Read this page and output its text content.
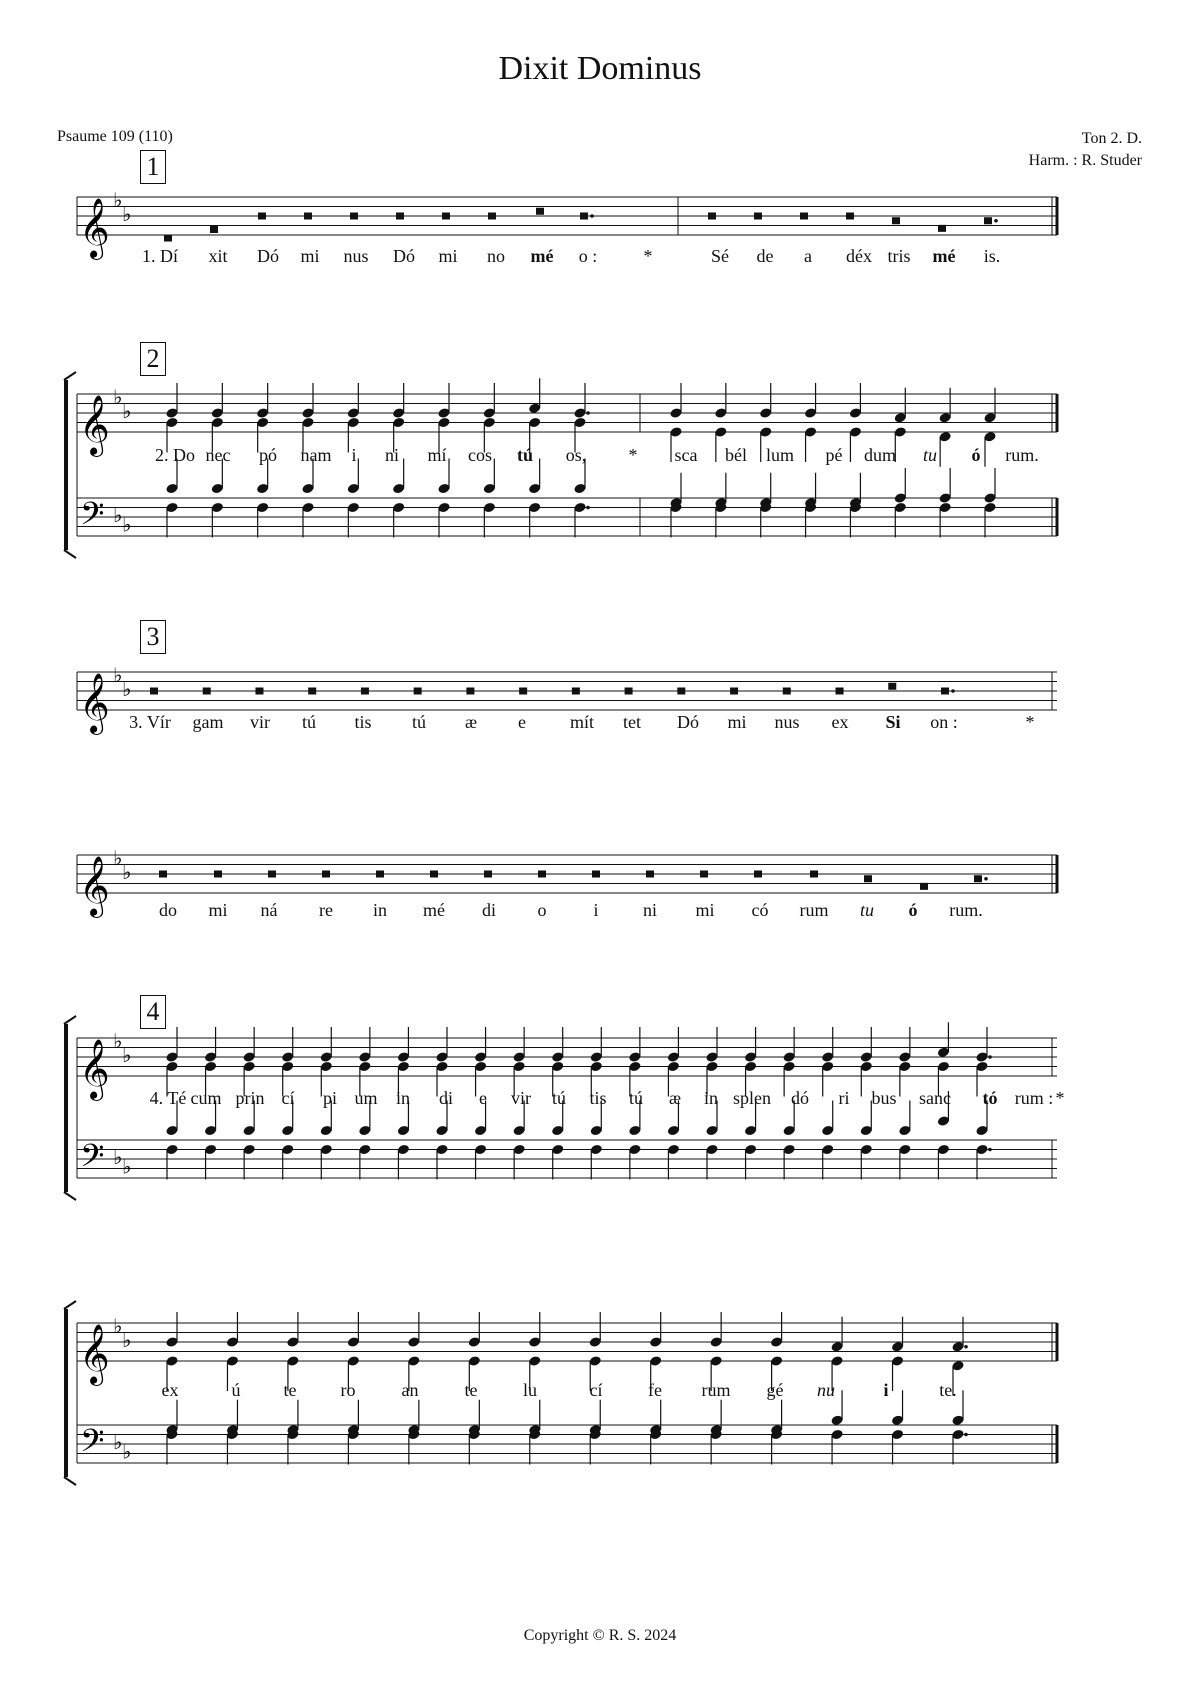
Dixit Dominus
Psaume 109 (110)	Ton 2. D.
Harm. : R. Studer
𝄞 ♭
♭
𝄞 ♭
♭
𝄢 ♭ ♭
𝄞 ♭
♭
𝄞 ♭
♭
𝄞 ♭
♭
𝄢 ♭ ♭
𝄞 ♭
♭
𝄢 ♭ ♭
1
1. Dí xit Dó mi nus Dó mi no mé o :	*	Sé de a déx tris mé is.
2
2. Do nec pó nam i ni mí cos tú os, * sca bél lum pé dum tu ó rum.
3
3. Vír gam vir tú tis tú æ e mít tet Dó mi nus ex Si on :	*
do mi ná re in mé di o	i ni mi có rum tu ó rum.
4
4. Té cum prin cí pi um in di e vir tú tis tú æ in splen dó ri bus sanc tó rum : *
ex	ú te ro	an	te	lu	cí	fe rum gé nu	i	te.
Copyright © R. S. 2024
